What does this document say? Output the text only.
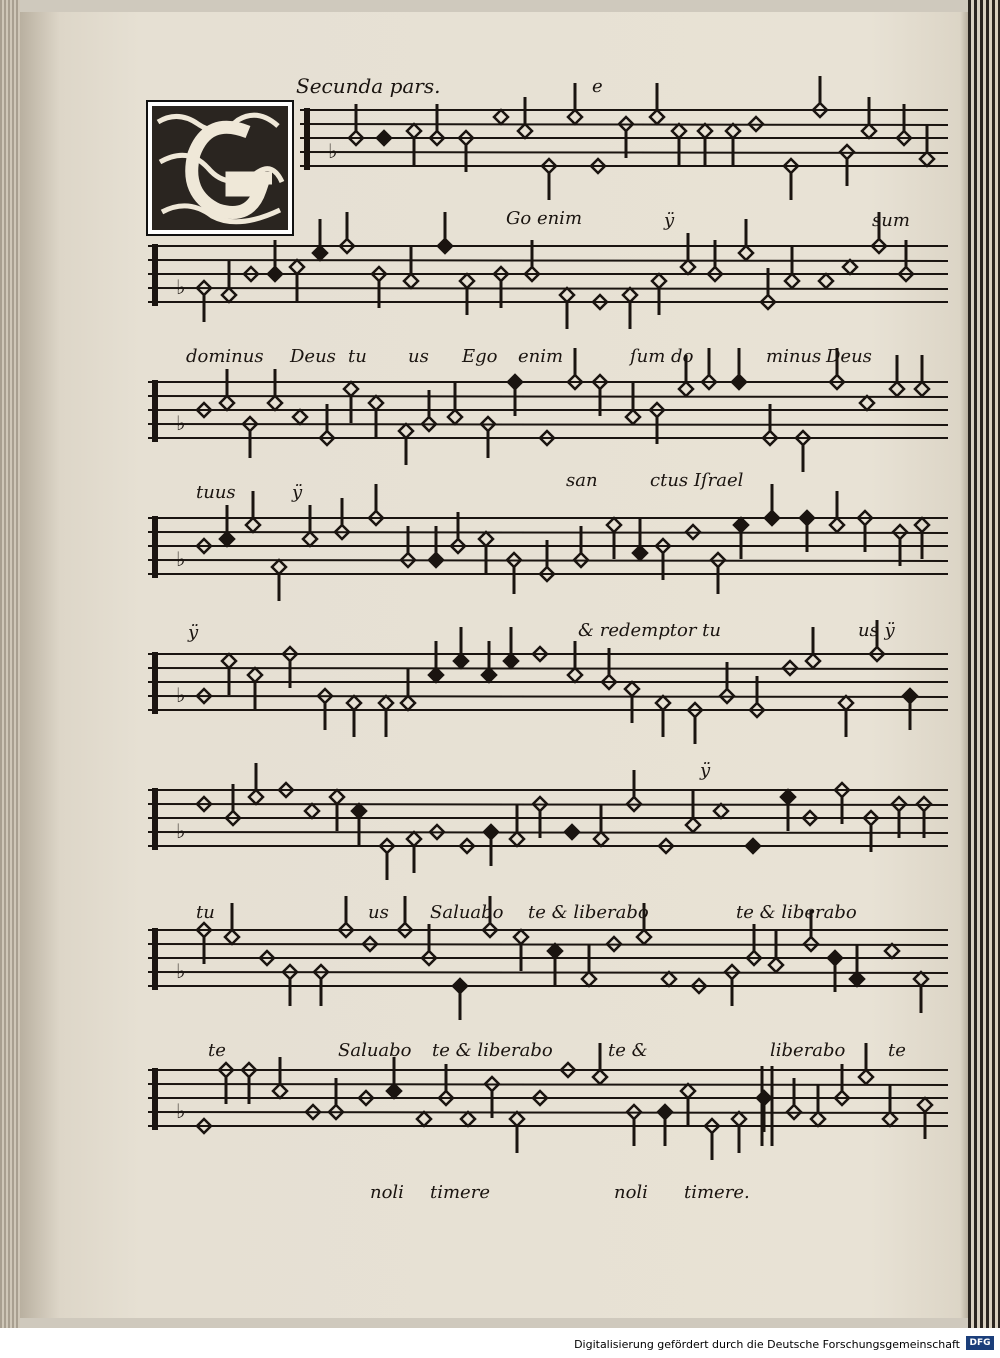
Secunda pars.	e
♭
♭
♭
♭
♭
♭
♭
♭
Go enim	ÿ	sum
dominus Deus tu us Ego enim	ſum do	minus Deus
tuus	ÿ
san	ctus Iſrael
ÿ	& redemptor tu	us ÿ
ÿ
tu	us Saluabo te & liberabo	te & liberabo
te	Saluabo te & liberabo	te &	liberabo te
noli timere	noli timere.
Digitalisierung gefördert durch die Deutsche Forschungsgemeinschaft	DFG
